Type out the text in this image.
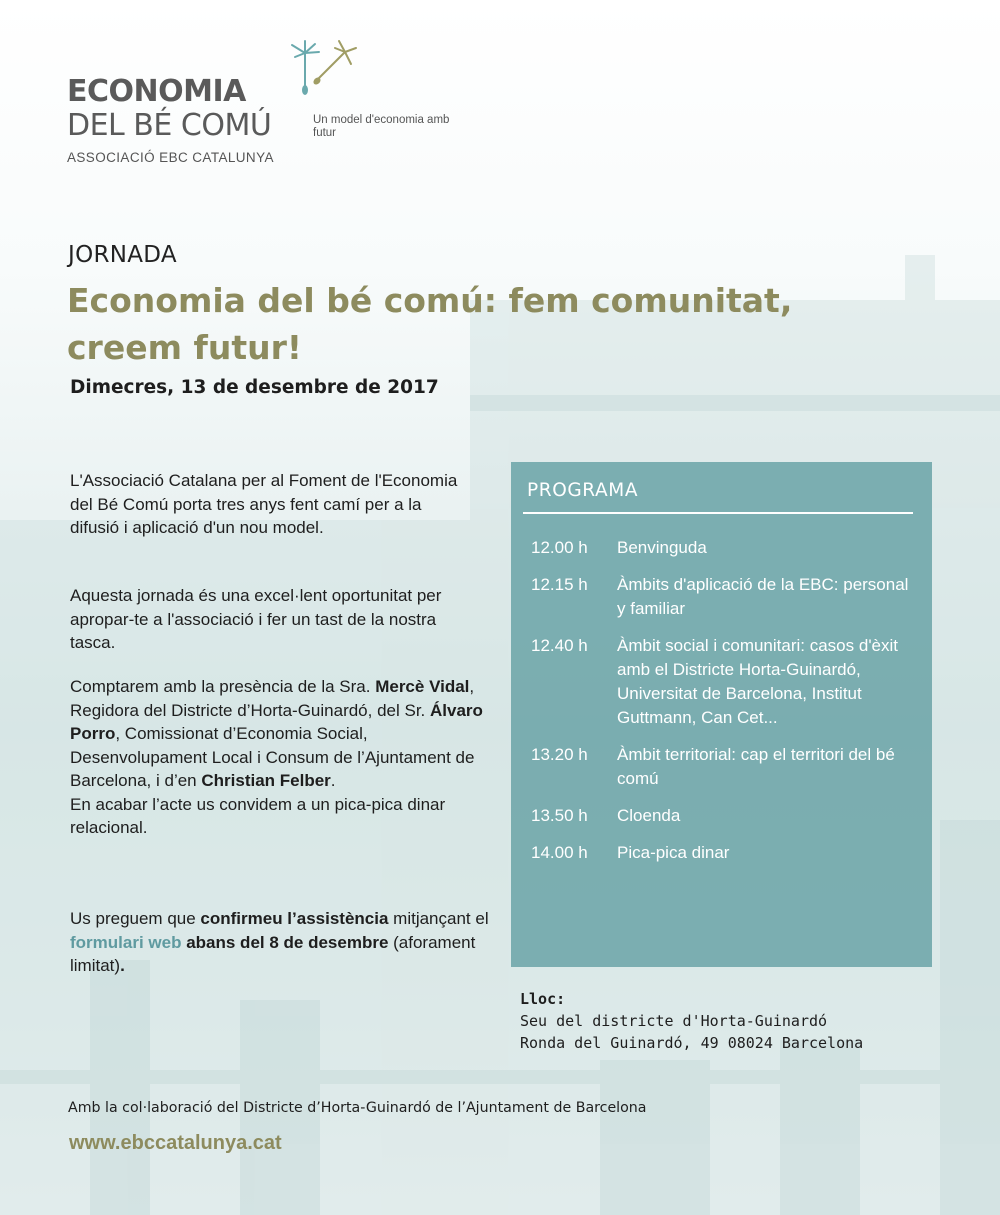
ECONOMIA
DEL BÉ COMÚ	Un model d'economia amb futur
ASSOCIACIÓ EBC CATALUNYA
JORNADA
Economia del bé comú: fem comunitat, creem futur!
Dimecres, 13 de desembre de 2017
L'Associació Catalana per al Foment de l'Economia del Bé Comú porta tres anys fent camí per a la difusió i aplicació d'un nou model.
Aquesta jornada és una excel·lent oportunitat per apropar-te a l'associació i fer un tast de la nostra tasca.
Comptarem amb la presència de la Sra. Mercè Vidal, Regidora del Districte d’Horta-Guinardó, del Sr. Álvaro Porro, Comissionat d’Economia Social, Desenvolupament Local i Consum de l’Ajuntament de Barcelona, i d’en Christian Felber.
En acabar l’acte us convidem a un pica-pica dinar relacional.
Us preguem que confirmeu l’assistència mitjançant el formulari web abans del 8 de desembre (aforament limitat).
PROGRAMA
12.00 h	Benvinguda
12.15 h	Àmbits d'aplicació de la EBC: personal y familiar
12.40 h	Àmbit social i comunitari: casos d'èxit amb el Districte Horta-Guinardó, Universitat de Barcelona, Institut Guttmann, Can Cet...
13.20 h	Àmbit territorial: cap el territori del bé comú
13.50 h	Cloenda
14.00 h	Pica-pica dinar
Lloc:
Seu del districte d'Horta-Guinardó
Ronda del Guinardó, 49 08024 Barcelona
Amb la col·laboració del Districte d’Horta-Guinardó de l’Ajuntament de Barcelona
www.ebccatalunya.cat
